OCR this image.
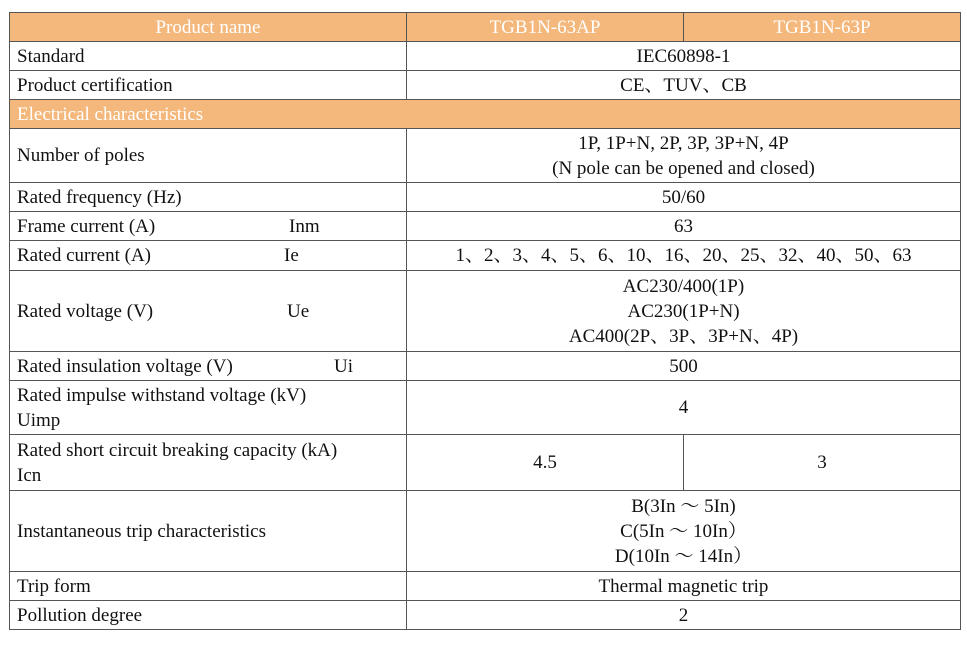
Product name	TGB1N-63AP	TGB1N-63P
Standard	IEC60898-1	
Product certification	CE、TUV、CB	
Electrical characteristics		
Number of poles	1P, 1P+N, 2P, 3P, 3P+N, 4P
(N pole can be opened and closed)	

Rated frequency (Hz)	50/60	

Frame current (A) Inm	63	

Rated current (A) Ie	1、2、3、4、5、6、10、16、20、25、32、40、50、63	

Rated voltage (V) Ue	AC230/400(1P)
AC230(1P+N)
AC400(2P、3P、3P+N、4P)	

Rated insulation voltage (V) Ui	500	

Rated impulse withstand voltage (kV)
Uimp	4	

Rated short circuit breaking capacity (kA)
Icn	4.5	3
Instantaneous trip characteristics	B(3In ～ 5In)
C(5In ～ 10In）
D(10In ～ 14In）	

Trip form	Thermal magnetic trip	
Pollution degree	2	
